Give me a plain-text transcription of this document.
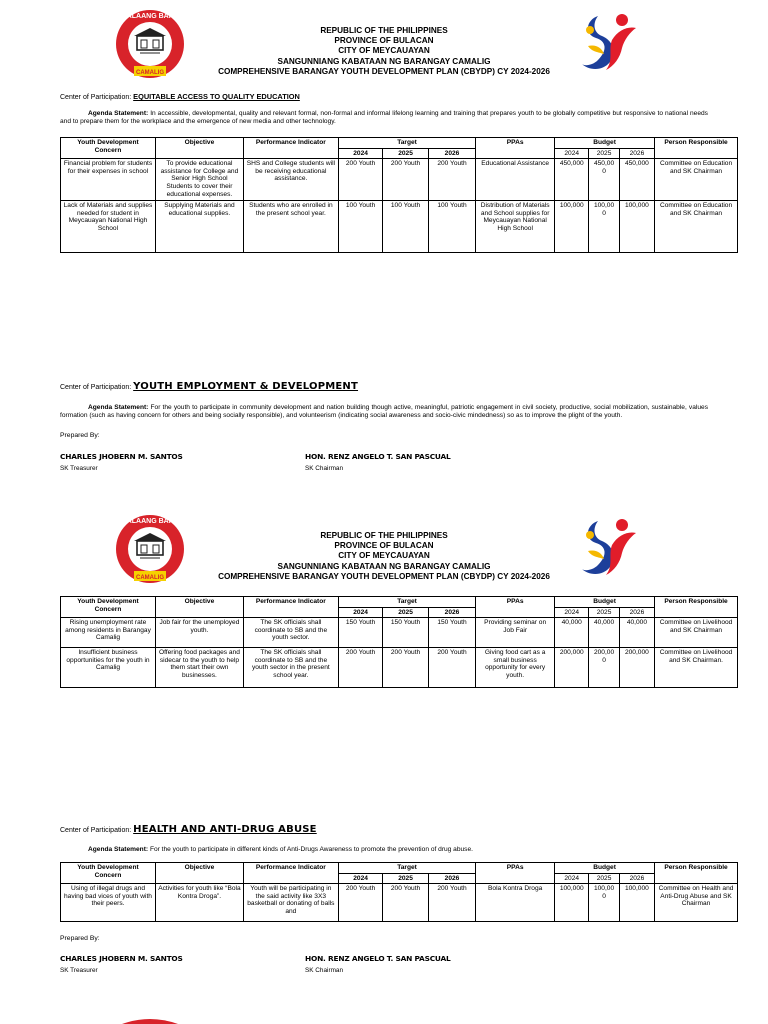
PAMAHALAANG BARANGAY
CAMALIG
REPUBLIC OF THE PHILIPPINES
PROVINCE OF BULACAN
CITY OF MEYCAUAYAN
SANGUNNIANG KABATAAN NG BARANGAY CAMALIG
COMPREHENSIVE BARANGAY YOUTH DEVELOPMENT PLAN (CBYDP) CY 2024-2026
Center of Participation: EQUITABLE ACCESS TO QUALITY EDUCATION
Agenda Statement: In accessible, developmental, quality and relevant formal, non-formal and informal lifelong learning and training that prepares youth to be globally competitive but responsive to national needs and to prepare them for the workplace and the emergence of new media and other technology.
Youth Development Concern	Objective	Performance Indicator	Target			PPAs	Budget			Person Responsible
			2024	2025	2026		2024	2025	2026	
Financial problem for students for their expenses in school	To provide educational assistance for College and Senior High School Students to cover their educational expenses.	SHS and College students will be receiving educational assistance.	200 Youth	200 Youth	200 Youth	Educational Assistance	450,000	450,00 0	450,000	Committee on Education and SK Chairman
Lack of Materials and supplies needed for student in Meycauayan National High School	Supplying Materials and educational supplies.	Students who are enrolled in the present school year.	100 Youth	100 Youth	100 Youth	Distribution of Materials and School supplies for Meycauayan National High School	100,000	100,00 0	100,000	Committee on Education and SK Chairman
Center of Participation: YOUTH EMPLOYMENT & DEVELOPMENT
Agenda Statement: For the youth to participate in community development and nation building though active, meaningful, patriotic engagement in civil society, productive, social mobilization, sustainable, values formation (such as having concern for others and being socially responsible), and volunteerism (indicating social awareness and socio-civic mindedness) so as to improve the plight of the youth.
Prepared By:
CHARLES JHOBERN M. SANTOS
SK Treasurer
HON. RENZ ANGELO T. SAN PASCUAL
SK Chairman
PAMAHALAANG BARANGAY
CAMALIG
REPUBLIC OF THE PHILIPPINES
PROVINCE OF BULACAN
CITY OF MEYCAUAYAN
SANGUNNIANG KABATAAN NG BARANGAY CAMALIG
COMPREHENSIVE BARANGAY YOUTH DEVELOPMENT PLAN (CBYDP) CY 2024-2026
Youth Development Concern	Objective	Performance Indicator	Target			PPAs	Budget			Person Responsible
			2024	2025	2026		2024	2025	2026	
Rising unemployment rate among residents in Barangay Camalig	Job fair for the unemployed youth.	The SK officials shall coordinate to SB and the youth sector.	150 Youth	150 Youth	150 Youth	Providing seminar on Job Fair	40,000	40,000	40,000	Committee on Livelihood and SK Chairman
Insufficient business opportunities for the youth in Camalig	Offering food packages and sidecar to the youth to help them start their own businesses.	The SK officials shall coordinate to SB and the youth sector in the present school year.	200 Youth	200 Youth	200 Youth	Giving food cart as a small business opportunity for every youth.	200,000	200,00 0	200,000	Committee on Livelihood and SK Chairman.
Center of Participation: HEALTH AND ANTI-DRUG ABUSE
Agenda Statement: For the youth to participate in different kinds of Anti-Drugs Awareness to promote the prevention of drug abuse.
Youth Development Concern	Objective	Performance Indicator	Target			PPAs	Budget			Person Responsible
			2024	2025	2026		2024	2025	2026	
Using of illegal drugs and having bad vices of youth with their peers.	Activities for youth like “Bola Kontra Droga”.	Youth will be participating in the said activity like 3X3 basketball or donating of balls and	200 Youth	200 Youth	200 Youth	Bola Kontra Droga	100,000	100,00 0	100,000	Committee on Health and Anti-Drug Abuse and SK Chairman
Prepared By:
CHARLES JHOBERN M. SANTOS
SK Treasurer
HON. RENZ ANGELO T. SAN PASCUAL
SK Chairman
